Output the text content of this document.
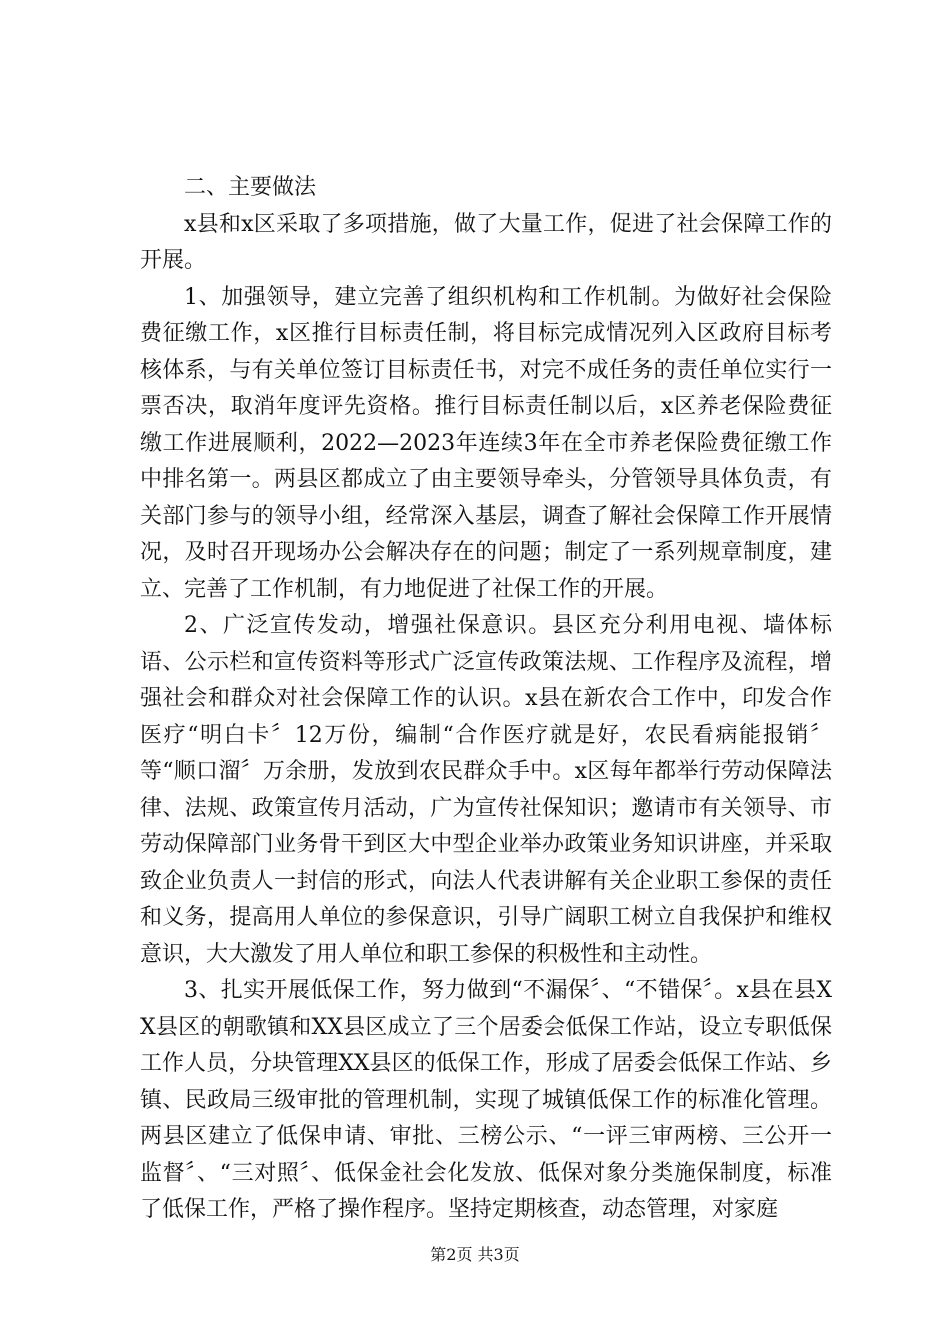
二、主要做法

x县和x区采取了多项措施，做了大量工作，促进了社会保障工作的开展。

1、加强领导，建立完善了组织机构和工作机制。为做好社会保险费征缴工作，x区推行目标责任制，将目标完成情况列入区政府目标考核体系，与有关单位签订目标责任书，对完不成任务的责任单位实行一票否决，取消年度评先资格。推行目标责任制以后，x区养老保险费征缴工作进展顺利，2022—2023年连续3年在全市养老保险费征缴工作中排名第一。两县区都成立了由主要领导牵头，分管领导具体负责，有关部门参与的领导小组，经常深入基层，调查了解社会保障工作开展情况，及时召开现场办公会解决存在的问题；制定了一系列规章制度，建立、完善了工作机制，有力地促进了社保工作的开展。

2、广泛宣传发动，增强社保意识。县区充分利用电视、墙体标语、公示栏和宣传资料等形式广泛宣传政策法规、工作程序及流程，增强社会和群众对社会保障工作的认识。x县在新农合工作中，印发合作医疗“明白卡〞12万份，编制“合作医疗就是好，农民看病能报销〞等“顺口溜〞万余册，发放到农民群众手中。x区每年都举行劳动保障法律、法规、政策宣传月活动，广为宣传社保知识；邀请市有关领导、市劳动保障部门业务骨干到区大中型企业举办政策业务知识讲座，并采取致企业负责人一封信的形式，向法人代表讲解有关企业职工参保的责任和义务，提高用人单位的参保意识，引导广阔职工树立自我保护和维权意识，大大激发了用人单位和职工参保的积极性和主动性。

3、扎实开展低保工作，努力做到“不漏保〞、“不错保〞。x县在县XX县区的朝歌镇和XX县区成立了三个居委会低保工作站，设立专职低保工作人员，分块管理XX县区的低保工作，形成了居委会低保工作站、乡镇、民政局三级审批的管理机制，实现了城镇低保工作的标准化管理。两县区建立了低保申请、审批、三榜公示、“一评三审两榜、三公开一监督〞、“三对照〞、低保金社会化发放、低保对象分类施保制度，标准了低保工作，严格了操作程序。坚持定期核查，动态管理，对家庭

第2页 共3页
